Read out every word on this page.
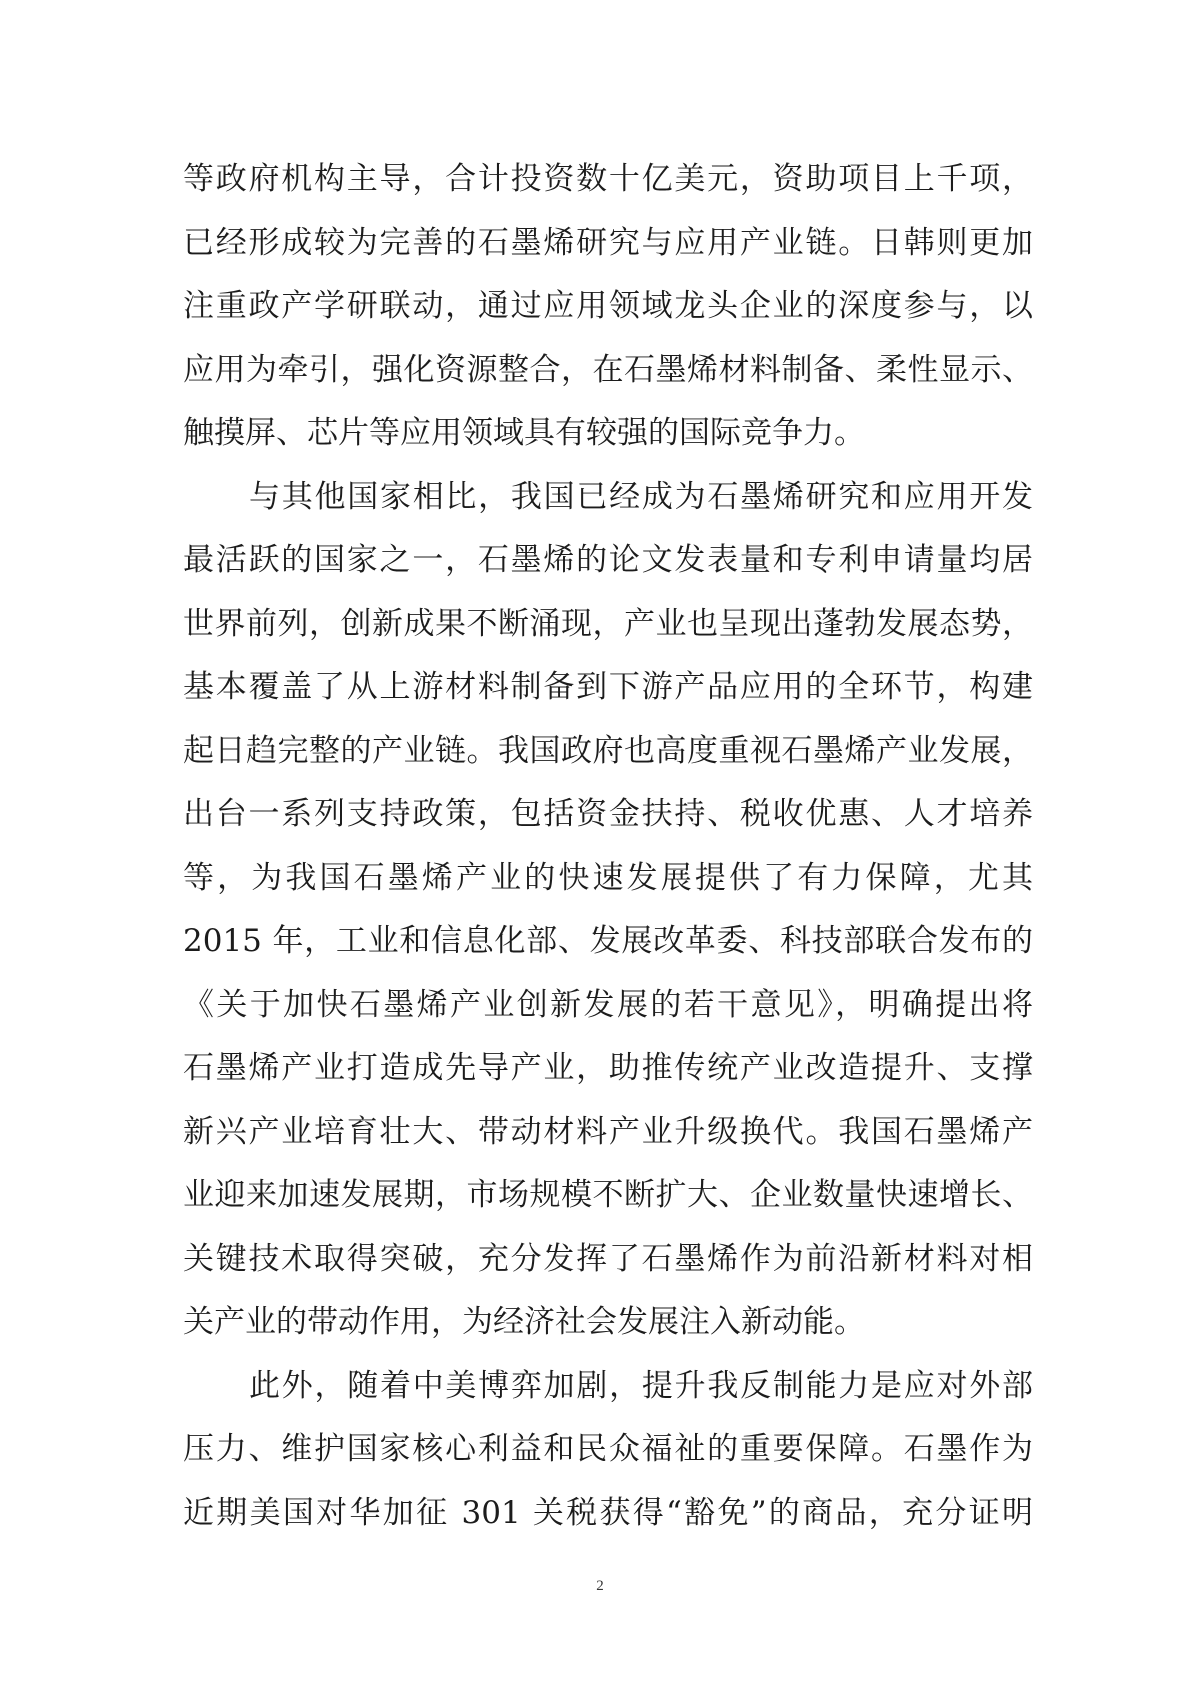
等政府机构主导，合计投资数十亿美元，资助项目上千项，
已经形成较为完善的石墨烯研究与应用产业链。日韩则更加
注重政产学研联动，通过应用领域龙头企业的深度参与，以
应用为牵引，强化资源整合，在石墨烯材料制备、柔性显示、
触摸屏、芯片等应用领域具有较强的国际竞争力。
与其他国家相比，我国已经成为石墨烯研究和应用开发
最活跃的国家之一，石墨烯的论文发表量和专利申请量均居
世界前列，创新成果不断涌现，产业也呈现出蓬勃发展态势，
基本覆盖了从上游材料制备到下游产品应用的全环节，构建
起日趋完整的产业链。我国政府也高度重视石墨烯产业发展，
出台一系列支持政策，包括资金扶持、税收优惠、人才培养
等，为我国石墨烯产业的快速发展提供了有力保障，尤其
2015 年，工业和信息化部、发展改革委、科技部联合发布的
《关于加快石墨烯产业创新发展的若干意见》，明确提出将
石墨烯产业打造成先导产业，助推传统产业改造提升、支撑
新兴产业培育壮大、带动材料产业升级换代。我国石墨烯产
业迎来加速发展期，市场规模不断扩大、企业数量快速增长、
关键技术取得突破，充分发挥了石墨烯作为前沿新材料对相
关产业的带动作用，为经济社会发展注入新动能。
此外，随着中美博弈加剧，提升我反制能力是应对外部
压力、维护国家核心利益和民众福祉的重要保障。石墨作为
近期美国对华加征 301 关税获得“豁免”的商品，充分证明
2
